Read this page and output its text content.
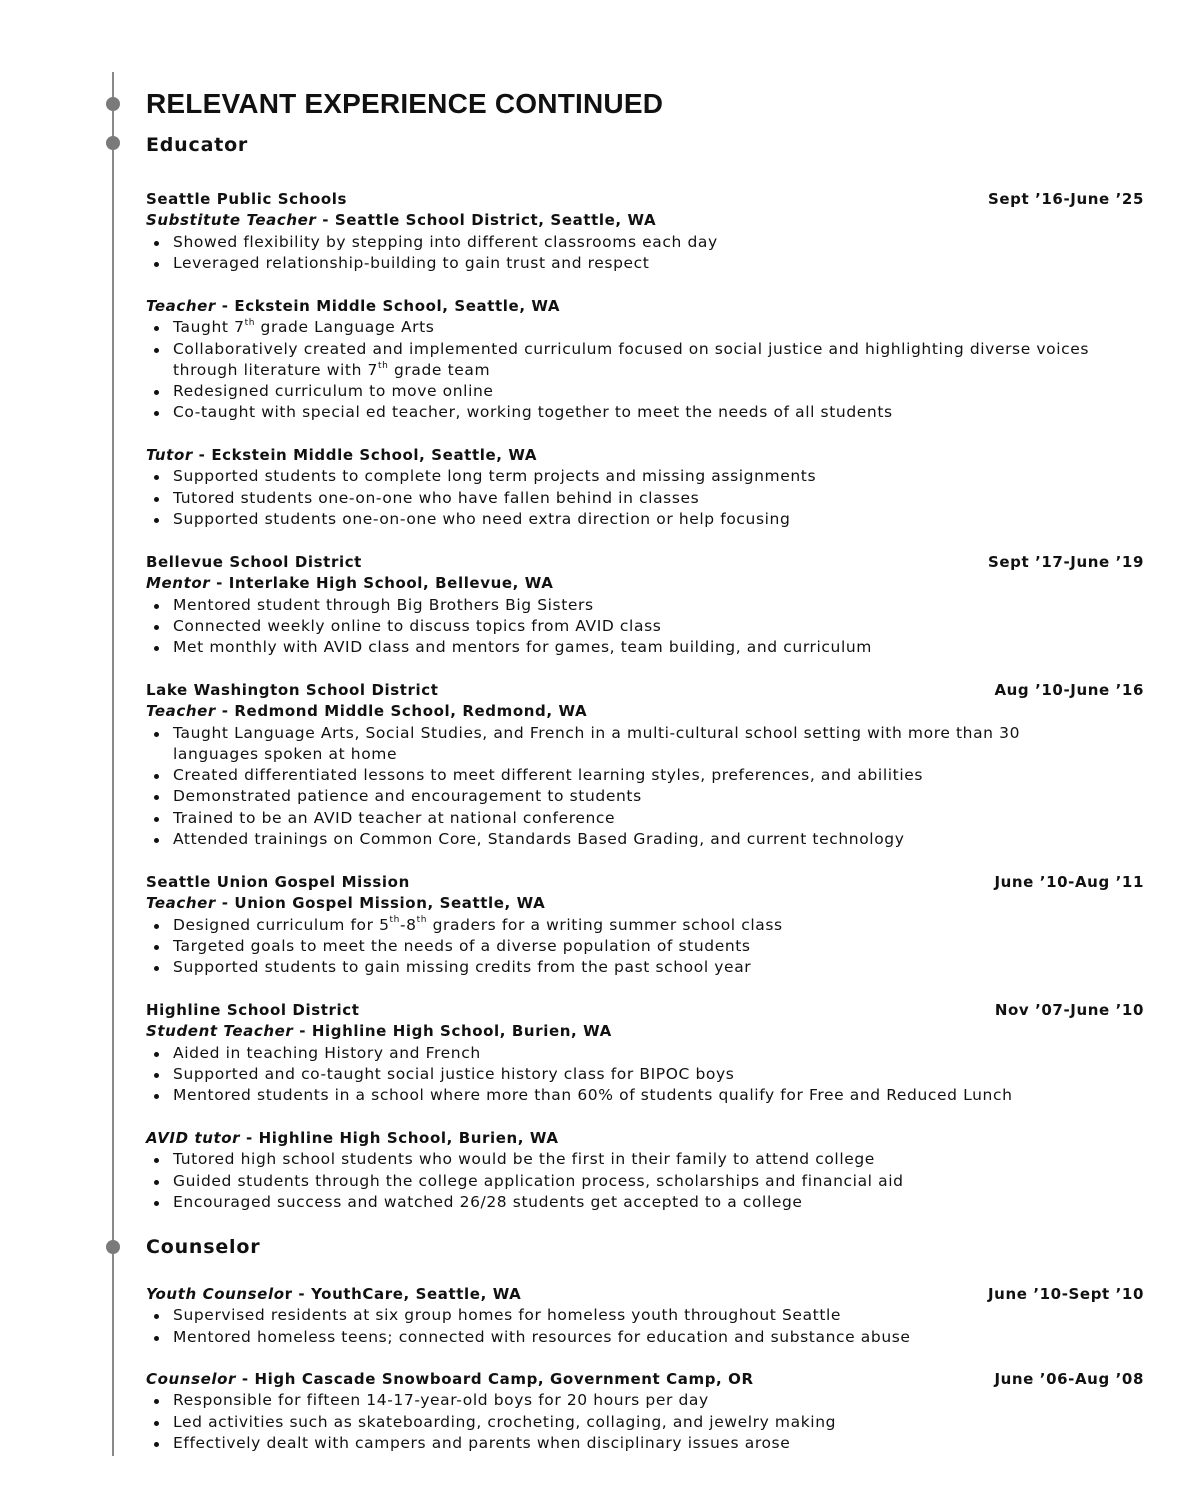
RELEVANT EXPERIENCE CONTINUED
Educator
Seattle Public Schools	Sept ’16-June ’25
Substitute Teacher - Seattle School District, Seattle, WA
Showed flexibility by stepping into different classrooms each day
Leveraged relationship-building to gain trust and respect
Teacher - Eckstein Middle School, Seattle, WA
Taught 7th grade Language Arts
Collaboratively created and implemented curriculum focused on social justice and highlighting diverse voices
through literature with 7th grade team
Redesigned curriculum to move online
Co-taught with special ed teacher, working together to meet the needs of all students
Tutor - Eckstein Middle School, Seattle, WA
Supported students to complete long term projects and missing assignments
Tutored students one-on-one who have fallen behind in classes
Supported students one-on-one who need extra direction or help focusing
Bellevue School District	Sept ’17-June ’19
Mentor - Interlake High School, Bellevue, WA
Mentored student through Big Brothers Big Sisters
Connected weekly online to discuss topics from AVID class
Met monthly with AVID class and mentors for games, team building, and curriculum
Lake Washington School District	Aug ’10-June ’16
Teacher - Redmond Middle School, Redmond, WA
Taught Language Arts, Social Studies, and French in a multi-cultural school setting with more than 30
languages spoken at home
Created differentiated lessons to meet different learning styles, preferences, and abilities
Demonstrated patience and encouragement to students
Trained to be an AVID teacher at national conference
Attended trainings on Common Core, Standards Based Grading, and current technology
Seattle Union Gospel Mission	June ’10-Aug ’11
Teacher - Union Gospel Mission, Seattle, WA
Designed curriculum for 5th-8th graders for a writing summer school class
Targeted goals to meet the needs of a diverse population of students
Supported students to gain missing credits from the past school year
Highline School District	Nov ’07-June ’10
Student Teacher - Highline High School, Burien, WA
Aided in teaching History and French
Supported and co-taught social justice history class for BIPOC boys
Mentored students in a school where more than 60% of students qualify for Free and Reduced Lunch
AVID tutor - Highline High School, Burien, WA
Tutored high school students who would be the first in their family to attend college
Guided students through the college application process, scholarships and financial aid
Encouraged success and watched 26/28 students get accepted to a college
Counselor
Youth Counselor - YouthCare, Seattle, WA	June ’10-Sept ’10
Supervised residents at six group homes for homeless youth throughout Seattle
Mentored homeless teens; connected with resources for education and substance abuse
Counselor - High Cascade Snowboard Camp, Government Camp, OR	June ’06-Aug ’08
Responsible for fifteen 14-17-year-old boys for 20 hours per day
Led activities such as skateboarding, crocheting, collaging, and jewelry making
Effectively dealt with campers and parents when disciplinary issues arose
